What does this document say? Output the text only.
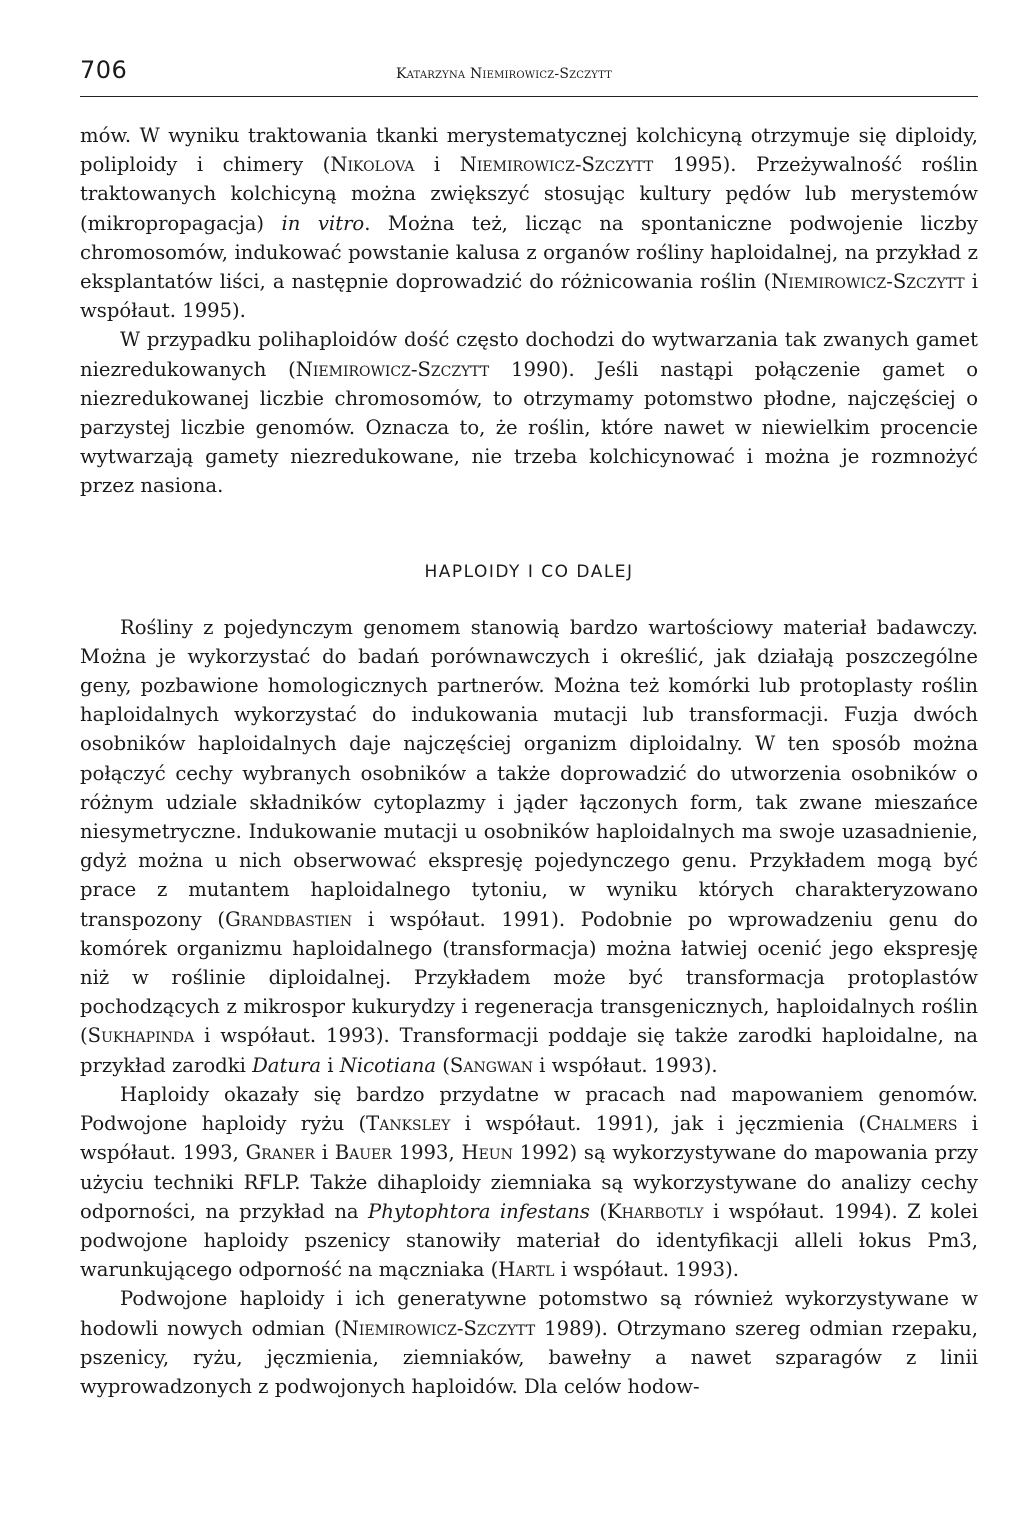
706	Katarzyna Niemirowicz-Szczytt

mów. W wyniku traktowania tkanki merystematycznej kolchicyną otrzymuje się diploidy, poliploidy i chimery (Nikolova i Niemirowicz-Szczytt 1995). Przeżywalność roślin traktowanych kolchicyną można zwiększyć stosując kultury pędów lub merystemów (mikropropagacja) in vitro. Można też, licząc na spontaniczne podwojenie liczby chromosomów, indukować powstanie kalusa z organów rośliny haploidalnej, na przykład z eksplantatów liści, a następnie doprowadzić do różnicowania roślin (Niemirowicz-Szczytt i współaut. 1995).

W przypadku polihaploidów dość często dochodzi do wytwarzania tak zwanych gamet niezredukowanych (Niemirowicz-Szczytt 1990). Jeśli nastąpi połączenie gamet o niezredukowanej liczbie chromosomów, to otrzymamy potomstwo płodne, najczęściej o parzystej liczbie genomów. Oznacza to, że roślin, które nawet w niewielkim procencie wytwarzają gamety niezredukowane, nie trzeba kolchicynować i można je rozmnożyć przez nasiona.

HAPLOIDY I CO DALEJ

Rośliny z pojedynczym genomem stanowią bardzo wartościowy materiał badawczy. Można je wykorzystać do badań porównawczych i określić, jak działają poszczególne geny, pozbawione homologicznych partnerów. Można też komórki lub protoplasty roślin haploidalnych wykorzystać do indukowania mutacji lub transformacji. Fuzja dwóch osobników haploidalnych daje najczęściej organizm diploidalny. W ten sposób można połączyć cechy wybranych osobników a także doprowadzić do utworzenia osobników o różnym udziale składników cytoplazmy i jąder łączonych form, tak zwane mieszańce niesymetryczne. Indukowanie mutacji u osobników haploidalnych ma swoje uzasadnienie, gdyż można u nich obserwować ekspresję pojedynczego genu. Przykładem mogą być prace z mutantem haploidalnego tytoniu, w wyniku których charakteryzowano transpozony (Grandbastien i współaut. 1991). Podobnie po wprowadzeniu genu do komórek organizmu haploidalnego (transformacja) można łatwiej ocenić jego ekspresję niż w roślinie diploidalnej. Przykładem może być transformacja protoplastów pochodzących z mikrospor kukurydzy i regeneracja transgenicznych, haploidalnych roślin (Sukhapinda i współaut. 1993). Transformacji poddaje się także zarodki haploidalne, na przykład zarodki Datura i Nicotiana (Sangwan i współaut. 1993).

Haploidy okazały się bardzo przydatne w pracach nad mapowaniem genomów. Podwojone haploidy ryżu (Tanksley i współaut. 1991), jak i jęczmienia (Chalmers i współaut. 1993, Graner i Bauer 1993, Heun 1992) są wykorzystywane do mapowania przy użyciu techniki RFLP. Także dihaploidy ziemniaka są wykorzystywane do analizy cechy odporności, na przykład na Phytophtora infestans (Kharbotly i współaut. 1994). Z kolei podwojone haploidy pszenicy stanowiły materiał do identyfikacji alleli łokus Pm3, warunkującego odporność na mączniaka (Hartl i współaut. 1993).

Podwojone haploidy i ich generatywne potomstwo są również wykorzystywane w hodowli nowych odmian (Niemirowicz-Szczytt 1989). Otrzymano szereg odmian rzepaku, pszenicy, ryżu, jęczmienia, ziemniaków, bawełny a nawet szparagów z linii wyprowadzonych z podwojonych haploidów. Dla celów hodow-
